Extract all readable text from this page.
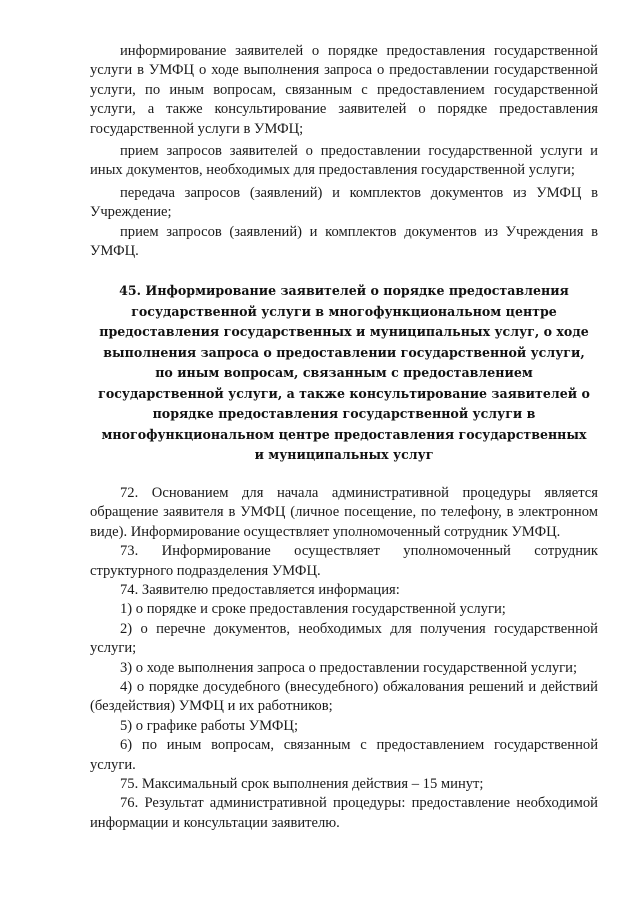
информирование заявителей о порядке предоставления государственной услуги в УМФЦ о ходе выполнения запроса о предоставлении государственной услуги, по иным вопросам, связанным с предоставлением государственной услуги, а также консультирование заявителей о порядке предоставления государственной услуги в УМФЦ;

прием запросов заявителей о предоставлении государственной услуги и иных документов, необходимых для предоставления государственной услуги;

передача запросов (заявлений) и комплектов документов из УМФЦ в Учреждение;

прием запросов (заявлений) и комплектов документов из Учреждения в УМФЦ.

45. Информирование заявителей о порядке предоставления государственной услуги в многофункциональном центре предоставления государственных и муниципальных услуг, о ходе выполнения запроса о предоставлении государственной услуги, по иным вопросам, связанным с предоставлением государственной услуги, а также консультирование заявителей о порядке предоставления государственной услуги в многофункциональном центре предоставления государственных и муниципальных услуг

72. Основанием для начала административной процедуры является обращение заявителя в УМФЦ (личное посещение, по телефону, в электронном виде). Информирование осуществляет уполномоченный сотрудник УМФЦ.

73. Информирование осуществляет уполномоченный сотрудник структурного подразделения УМФЦ.

74. Заявителю предоставляется информация:

1) о порядке и сроке предоставления государственной услуги;

2) о перечне документов, необходимых для получения государственной услуги;

3) о ходе выполнения запроса о предоставлении государственной услуги;

4) о порядке досудебного (внесудебного) обжалования решений и действий (бездействия) УМФЦ и их работников;

5) о графике работы УМФЦ;

6) по иным вопросам, связанным с предоставлением государственной услуги.

75. Максимальный срок выполнения действия – 15 минут;

76. Результат административной процедуры: предоставление необходимой информации и консультации заявителю.
